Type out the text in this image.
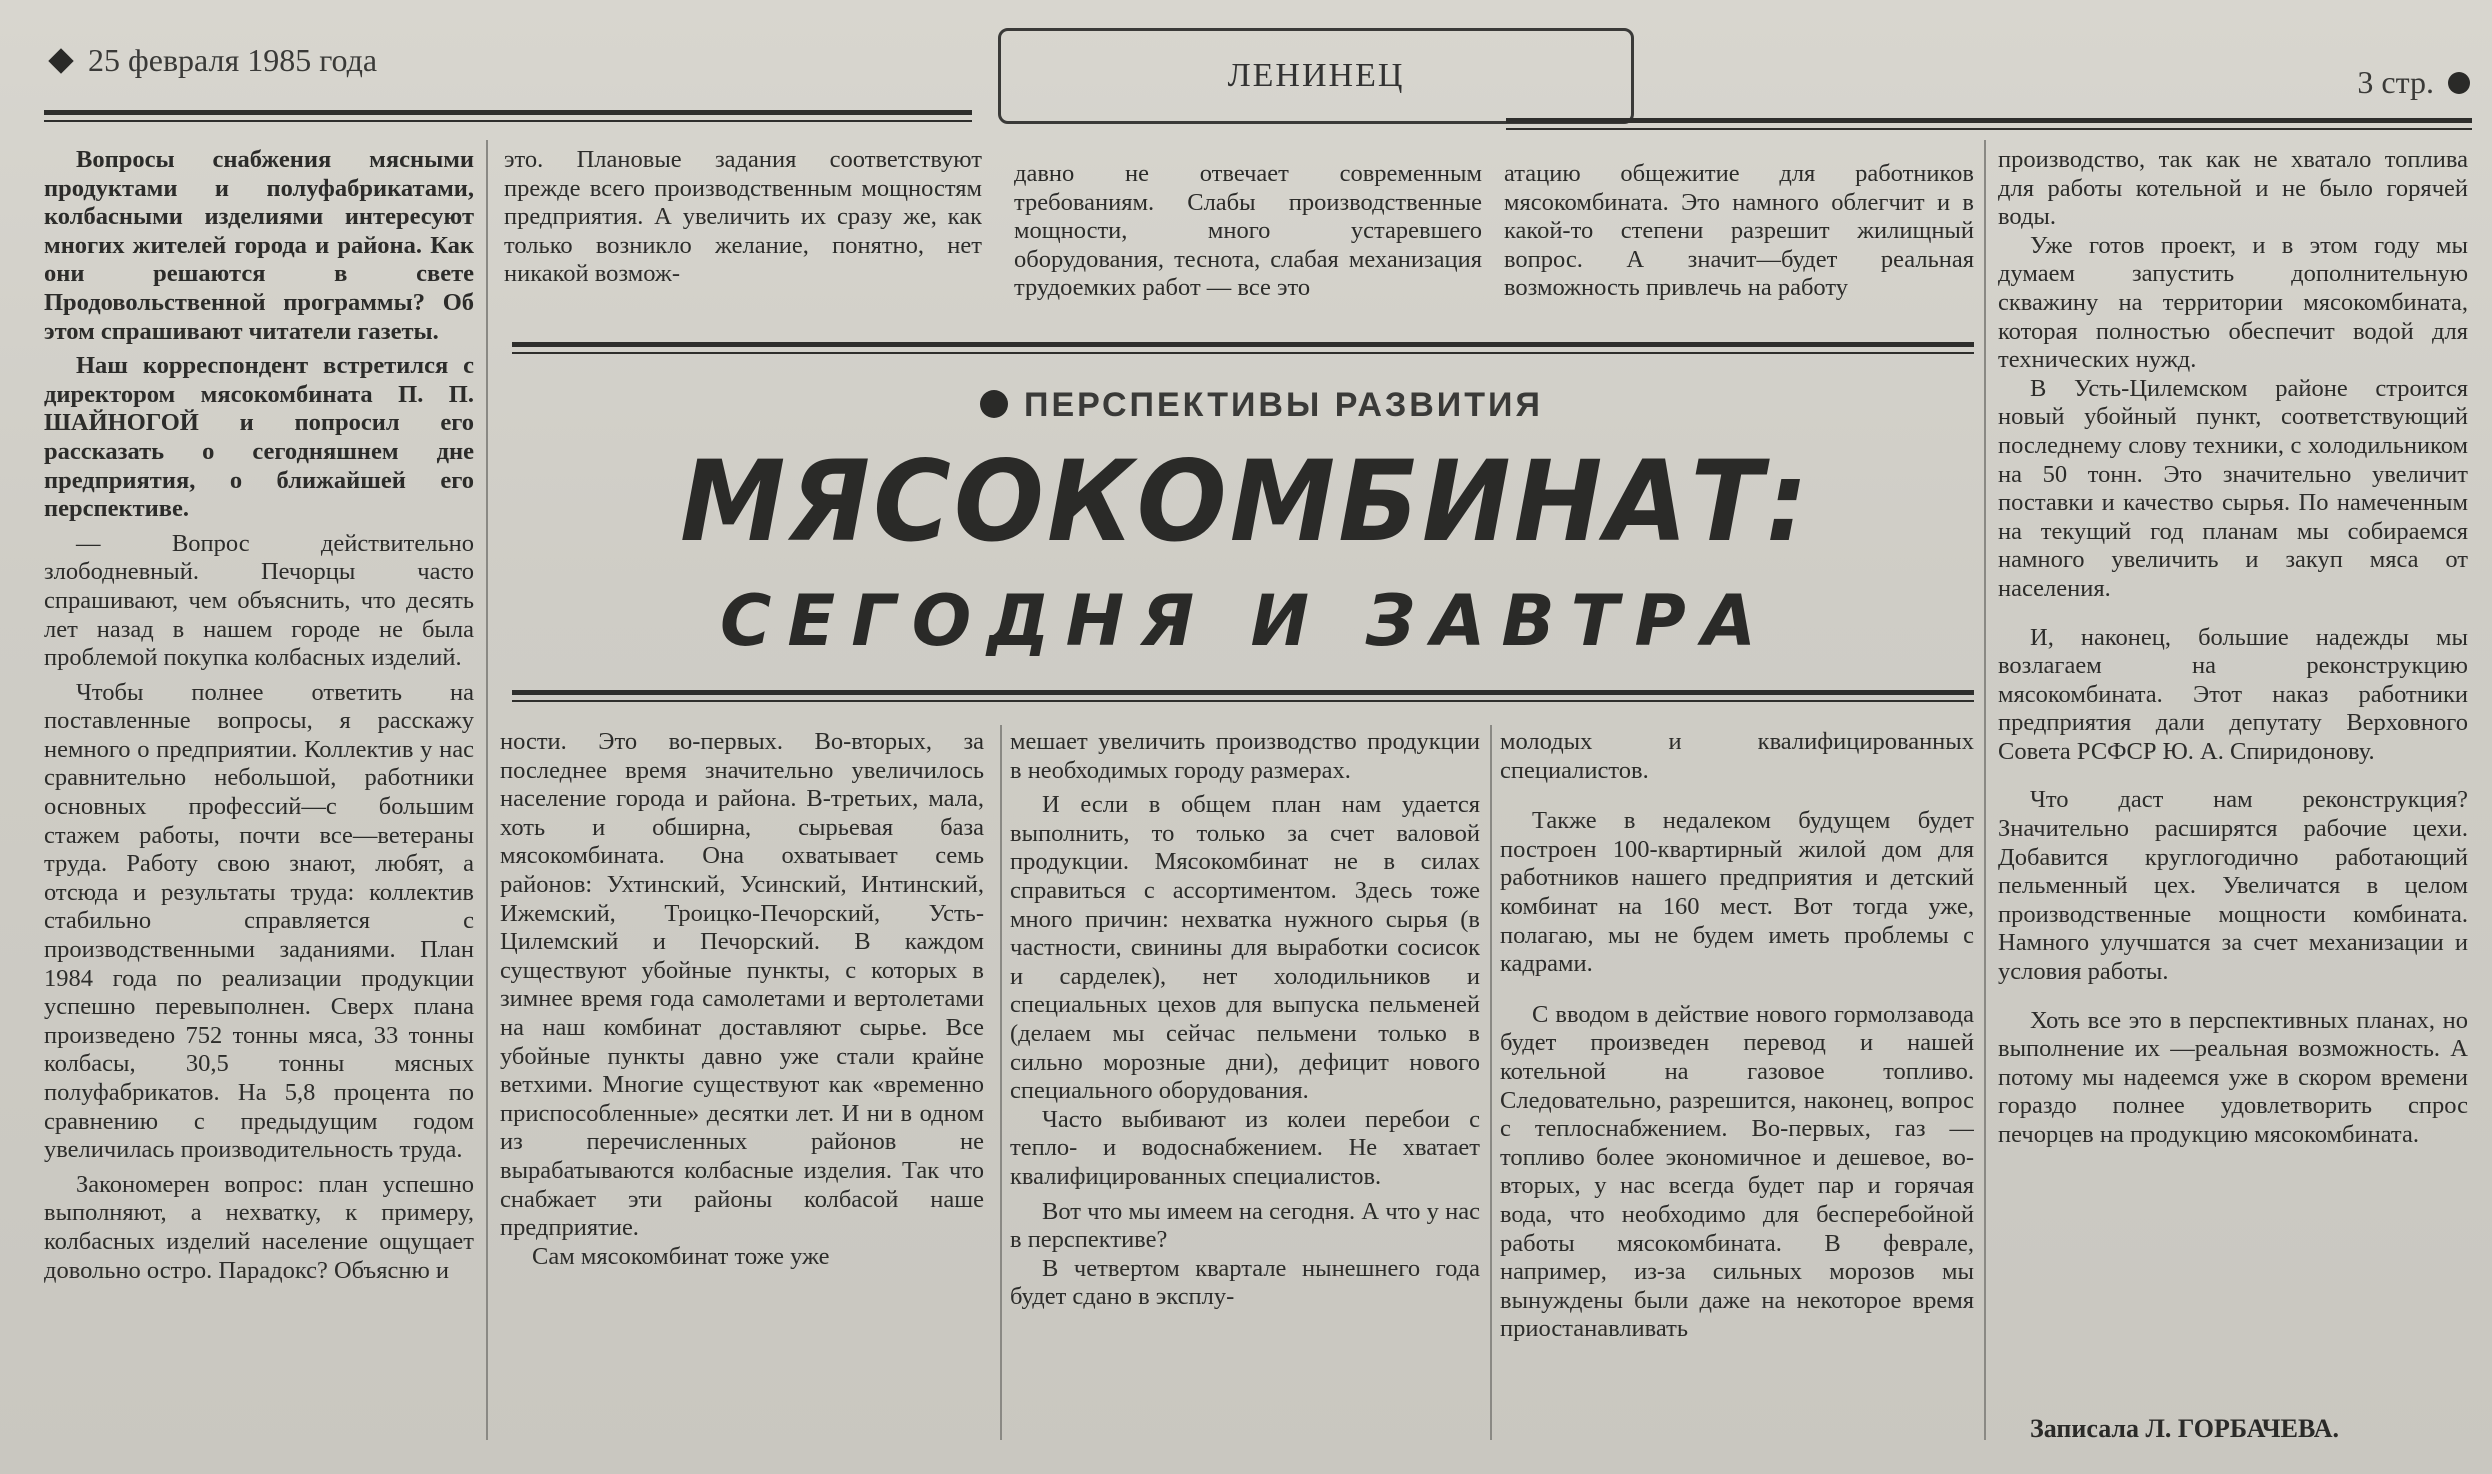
25 февраля 1985 года	ЛЕНИНЕЦ	3 стр.

Вопросы снабжения мясными продуктами и полуфабрикатами, колбасными изделиями интересуют многих жителей города и района. Как они решаются в свете Продовольственной программы? Об этом спрашивают читатели газеты.

Наш корреспондент встретился с директором мясокомбината П. П. ШАЙНОГОЙ и попросил его рассказать о сегодняшнем дне предприятия, о ближайшей его перспективе.

— Вопрос действительно злободневный. Печорцы часто спрашивают, чем объяснить, что десять лет назад в нашем городе не была проблемой покупка колбасных изделий.

Чтобы полнее ответить на поставленные вопросы, я расскажу немного о предприятии. Коллектив у нас сравнительно небольшой, работники основных профессий—с большим стажем работы, почти все—ветераны труда. Работу свою знают, любят, а отсюда и результаты труда: коллектив стабильно справляется с производственными заданиями. План 1984 года по реализации продукции успешно перевыполнен. Сверх плана произведено 752 тонны мяса, 33 тонны колбасы, 30,5 тонны мясных полуфабрикатов. На 5,8 процента по сравнению с предыдущим годом увеличилась производительность труда.

Закономерен вопрос: план успешно выполняют, а нехватку, к примеру, колбасных изделий население ощущает довольно остро. Парадокс? Объясню и

это. Плановые задания соответствуют прежде всего производственным мощностям предприятия. А увеличить их сразу же, как только возникло желание, понятно, нет никакой возмож-

давно не отвечает современным требованиям. Слабы производственные мощности, много устаревшего оборудования, теснота, слабая механизация трудоемких работ — все это

атацию общежитие для работников мясокомбината. Это намного облегчит и в какой-то степени разрешит жилищный вопрос. А значит—будет реальная возможность привлечь на работу

ПЕРСПЕКТИВЫ РАЗВИТИЯ
МЯСОКОМБИНАТ:
СЕГОДНЯ И ЗАВТРА

ности. Это во-первых. Во-вторых, за последнее время значительно увеличилось население города и района. В-третьих, мала, хоть и обширна, сырьевая база мясокомбината. Она охватывает семь районов: Ухтинский, Усинский, Интинский, Ижемский, Троицко-Печорский, Усть-Цилемский и Печорский. В каждом существуют убойные пункты, с которых в зимнее время года самолетами и вертолетами на наш комбинат доставляют сырье. Все убойные пункты давно уже стали крайне ветхими. Многие существуют как «временно приспособленные» десятки лет. И ни в одном из перечисленных районов не вырабатываются колбасные изделия. Так что снабжает эти районы колбасой наше предприятие.

Сам мясокомбинат тоже уже

мешает увеличить производство продукции в необходимых городу размерах.

И если в общем план нам удается выполнить, то только за счет валовой продукции. Мясокомбинат не в силах справиться с ассортиментом. Здесь тоже много причин: нехватка нужного сырья (в частности, свинины для выработки сосисок и сарделек), нет холодильников и специальных цехов для выпуска пельменей (делаем мы сейчас пельмени только в сильно морозные дни), дефицит нового специального оборудования.

Часто выбивают из колеи перебои с тепло- и водоснабжением. Не хватает квалифицированных специалистов.

Вот что мы имеем на сегодня. А что у нас в перспективе?

В четвертом квартале нынешнего года будет сдано в эксплу-

молодых и квалифицированных специалистов.

Также в недалеком будущем будет построен 100-квартирный жилой дом для работников нашего предприятия и детский комбинат на 160 мест. Вот тогда уже, полагаю, мы не будем иметь проблемы с кадрами.

С вводом в действие нового гормолзавода будет произведен перевод и нашей котельной на газовое топливо. Следовательно, разрешится, наконец, вопрос с теплоснабжением. Во-первых, газ — топливо более экономичное и дешевое, во-вторых, у нас всегда будет пар и горячая вода, что необходимо для бесперебойной работы мясокомбината. В феврале, например, из-за сильных морозов мы вынуждены были даже на некоторое время приостанавливать

производство, так как не хватало топлива для работы котельной и не было горячей воды.

Уже готов проект, и в этом году мы думаем запустить дополнительную скважину на территории мясокомбината, которая полностью обеспечит водой для технических нужд.

В Усть-Цилемском районе строится новый убойный пункт, соответствующий последнему слову техники, с холодильником на 50 тонн. Это значительно увеличит поставки и качество сырья. По намеченным на текущий год планам мы собираемся намного увеличить и закуп мяса от населения.

И, наконец, большие надежды мы возлагаем на реконструкцию мясокомбината. Этот наказ работники предприятия дали депутату Верховного Совета РСФСР Ю. А. Спиридонову.

Что даст нам реконструкция? Значительно расширятся рабочие цехи. Добавится круглогодично работающий пельменный цех. Увеличатся в целом производственные мощности комбината. Намного улучшатся за счет механизации и условия работы.

Хоть все это в перспективных планах, но выполнение их —реальная возможность. А потому мы надеемся уже в скором времени гораздо полнее удовлетворить спрос печорцев на продукцию мясокомбината.

Записала Л. ГОРБАЧЕВА.
